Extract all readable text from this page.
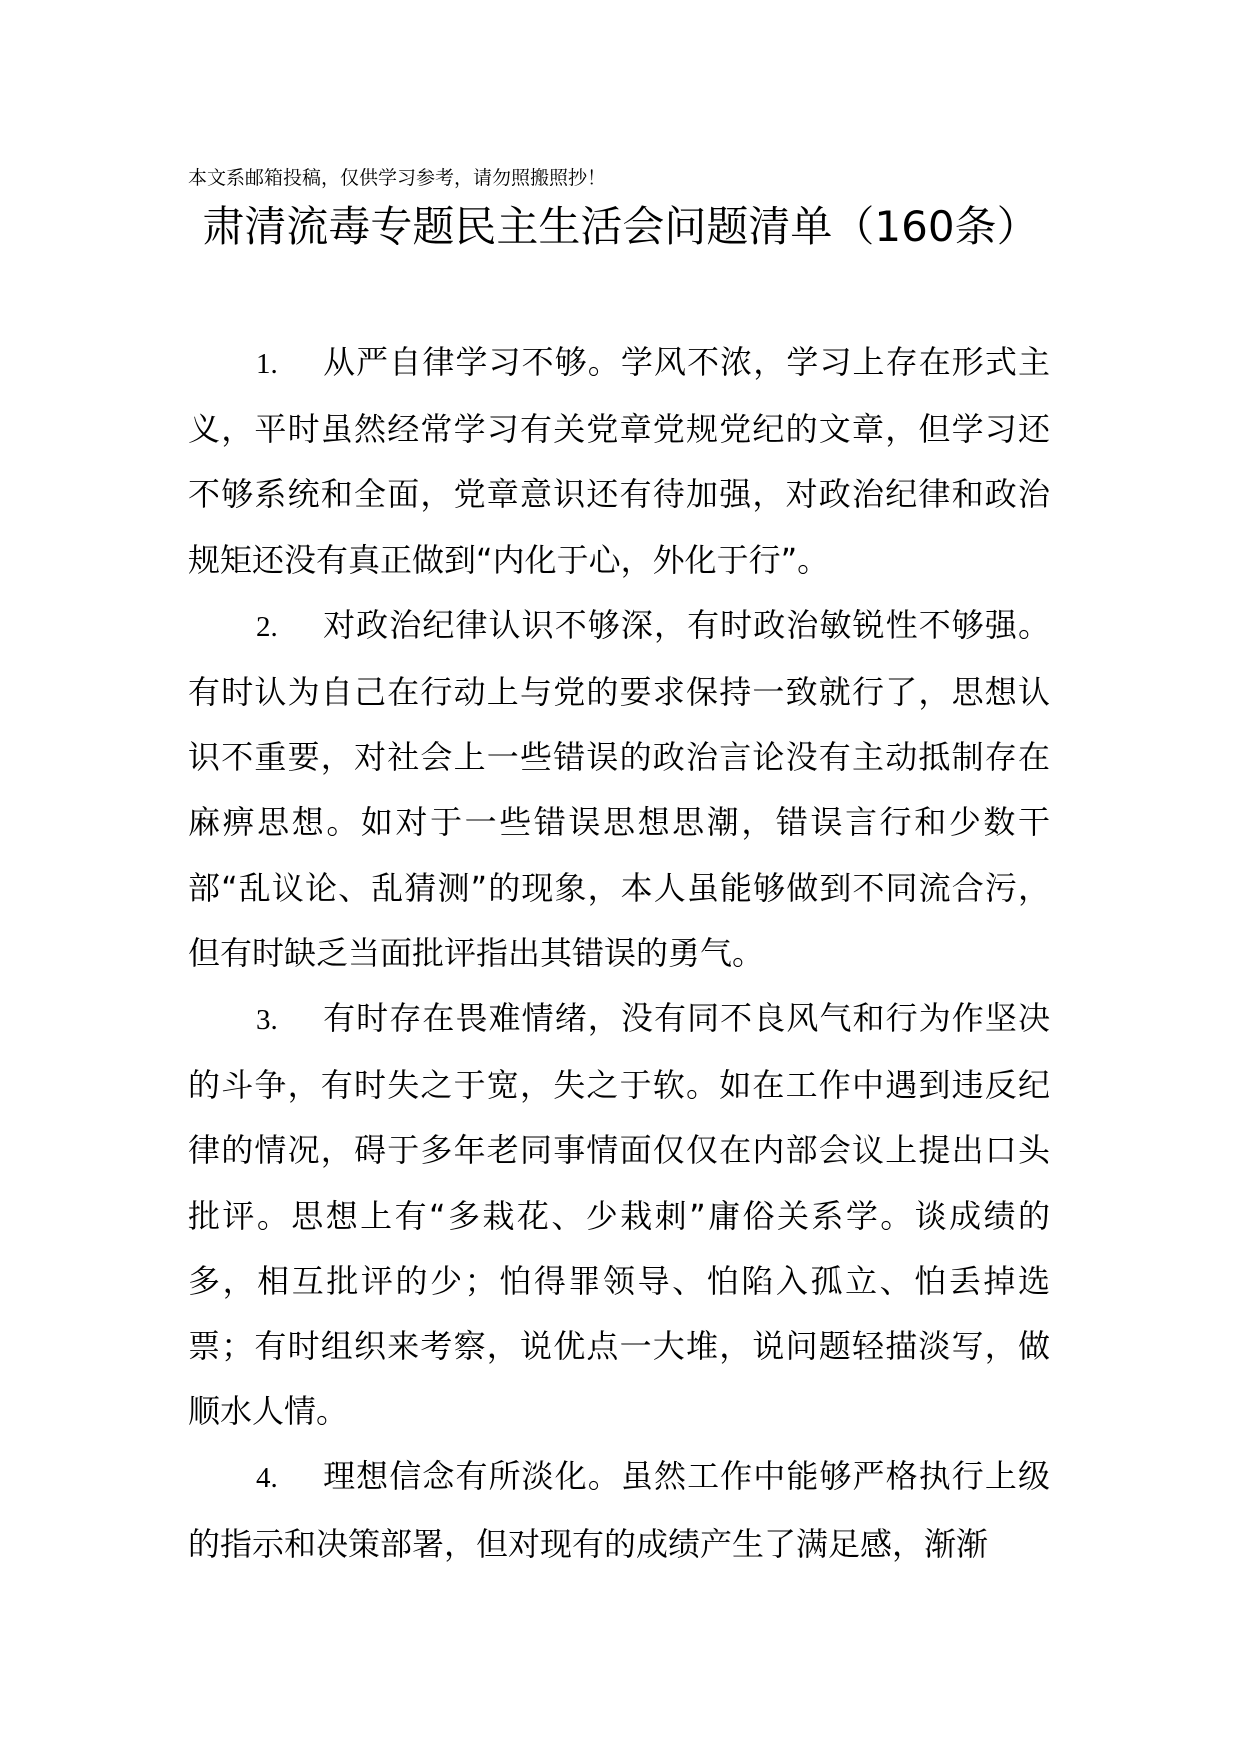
本文系邮箱投稿，仅供学习参考，请勿照搬照抄！
肃清流毒专题民主生活会问题清单（160条）

1. 从严自律学习不够。学风不浓，学习上存在形式主义，平时虽然经常学习有关党章党规党纪的文章，但学习还不够系统和全面，党章意识还有待加强，对政治纪律和政治规矩还没有真正做到“内化于心，外化于行”。

2. 对政治纪律认识不够深，有时政治敏锐性不够强。有时认为自己在行动上与党的要求保持一致就行了，思想认识不重要，对社会上一些错误的政治言论没有主动抵制存在麻痹思想。如对于一些错误思想思潮，错误言行和少数干部“乱议论、乱猜测”的现象，本人虽能够做到不同流合污，但有时缺乏当面批评指出其错误的勇气。

3. 有时存在畏难情绪，没有同不良风气和行为作坚决的斗争，有时失之于宽，失之于软。如在工作中遇到违反纪律的情况，碍于多年老同事情面仅仅在内部会议上提出口头批评。思想上有“多栽花、少栽刺”庸俗关系学。谈成绩的多，相互批评的少；怕得罪领导、怕陷入孤立、怕丢掉选票；有时组织来考察，说优点一大堆，说问题轻描淡写，做顺水人情。

4. 理想信念有所淡化。虽然工作中能够严格执行上级的指示和决策部署，但对现有的成绩产生了满足感，渐渐
